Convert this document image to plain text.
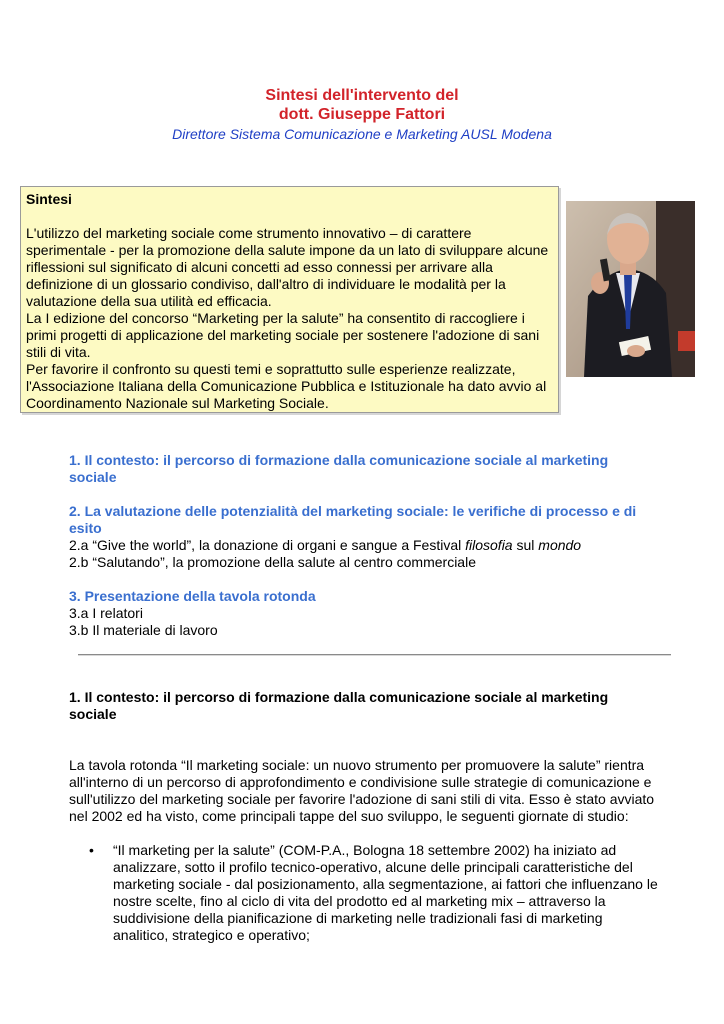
Sintesi dell'intervento del
dott. Giuseppe Fattori
Direttore Sistema Comunicazione e Marketing AUSL Modena
Sintesi

L'utilizzo del marketing sociale come strumento innovativo – di carattere sperimentale - per la promozione della salute impone da un lato di sviluppare alcune riflessioni sul significato di alcuni concetti ad esso connessi per arrivare alla definizione di un glossario condiviso, dall'altro di individuare le modalità per la valutazione della sua utilità ed efficacia.

La I edizione del concorso “Marketing per la salute” ha consentito di raccogliere i primi progetti di applicazione del marketing sociale per sostenere l'adozione di sani stili di vita.

Per favorire il confronto su questi temi e soprattutto sulle esperienze realizzate, l'Associazione Italiana della Comunicazione Pubblica e Istituzionale ha dato avvio al Coordinamento Nazionale sul Marketing Sociale.

1. Il contesto: il percorso di formazione dalla comunicazione sociale al marketing sociale

2. La valutazione delle potenzialità del marketing sociale: le verifiche di processo e di esito

2.a “Give the world”, la donazione di organi e sangue a Festival filosofia sul mondo

2.b “Salutando”, la promozione della salute al centro commerciale

3. Presentazione della tavola rotonda

3.a I relatori

3.b Il materiale di lavoro

1. Il contesto: il percorso di formazione dalla comunicazione sociale al marketing sociale

La tavola rotonda “Il marketing sociale: un nuovo strumento per promuovere la salute” rientra all'interno di un percorso di approfondimento e condivisione sulle strategie di comunicazione e sull'utilizzo del marketing sociale per favorire l'adozione di sani stili di vita. Esso è stato avviato nel 2002 ed ha visto, come principali tappe del suo sviluppo, le seguenti giornate di studio:

• “Il marketing per la salute” (COM-P.A., Bologna 18 settembre 2002) ha iniziato ad analizzare, sotto il profilo tecnico-operativo, alcune delle principali caratteristiche del marketing sociale - dal posizionamento, alla segmentazione, ai fattori che influenzano le nostre scelte, fino al ciclo di vita del prodotto ed al marketing mix – attraverso la suddivisione della pianificazione di marketing nelle tradizionali fasi di marketing analitico, strategico e operativo;
